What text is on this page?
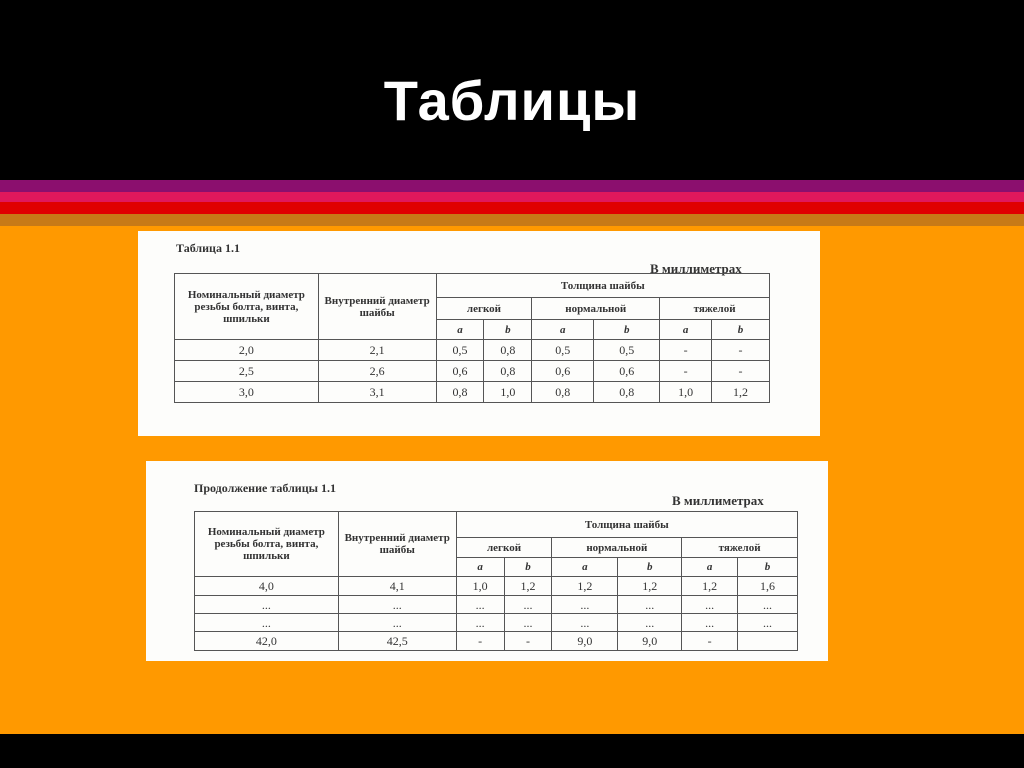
Таблицы
Таблица 1.1
В миллиметрах
Номинальный диаметр резьбы болта, винта, шпильки	Внутренний диаметр шайбы	Толщина шайбы					
		легкой		нормальной		тяжелой	
		a	b	a	b	a	b
2,0	2,1	0,5	0,8	0,5	0,5	-	-
2,5	2,6	0,6	0,8	0,6	0,6	-	-
3,0	3,1	0,8	1,0	0,8	0,8	1,0	1,2
Продолжение таблицы 1.1
В миллиметрах
Номинальный диаметр резьбы болта, винта, шпильки	Внутренний диаметр шайбы	Толщина шайбы					
		легкой		нормальной		тяжелой	
		a	b	a	b	a	b
4,0	4,1	1,0	1,2	1,2	1,2	1,2	1,6
...	...	...	...	...	...	...	...
...	...	...	...	...	...	...	...
42,0	42,5	-	-	9,0	9,0	-	
